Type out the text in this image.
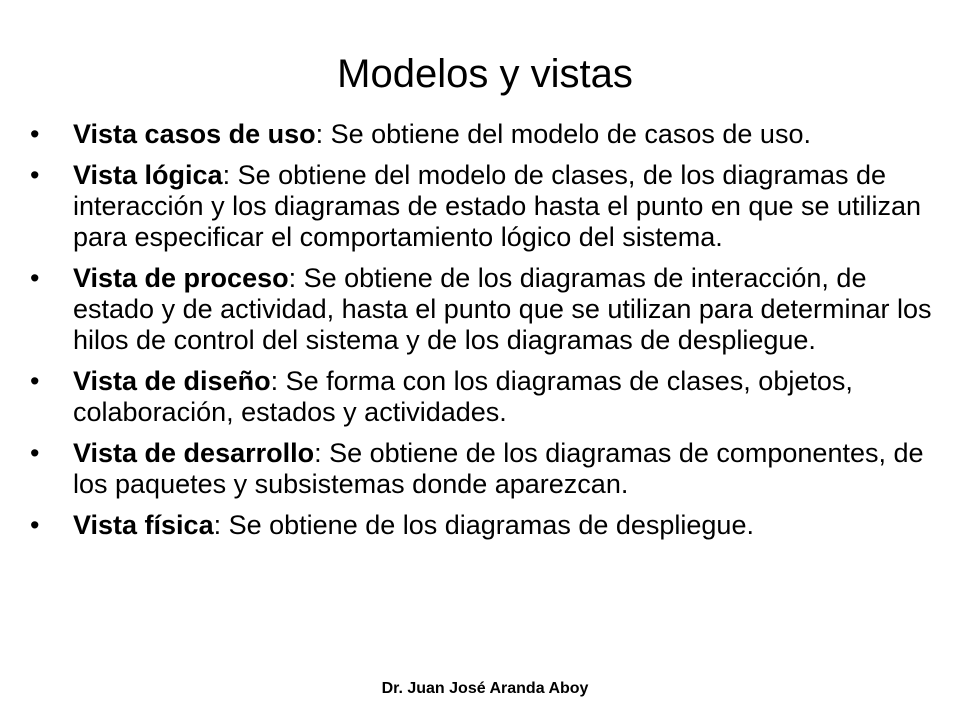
Modelos y vistas
• Vista casos de uso: Se obtiene del modelo de casos de uso.
• Vista lógica: Se obtiene del modelo de clases, de los diagramas de interacción y los diagramas de estado hasta el punto en que se utilizan para especificar el comportamiento lógico del sistema.
• Vista de proceso: Se obtiene de los diagramas de interacción, de estado y de actividad, hasta el punto que se utilizan para determinar los hilos de control del sistema y de los diagramas de despliegue.
• Vista de diseño: Se forma con los diagramas de clases, objetos, colaboración, estados y actividades.
• Vista de desarrollo: Se obtiene de los diagramas de componentes, de los paquetes y subsistemas donde aparezcan.
• Vista física: Se obtiene de los diagramas de despliegue.
Dr. Juan José Aranda Aboy
